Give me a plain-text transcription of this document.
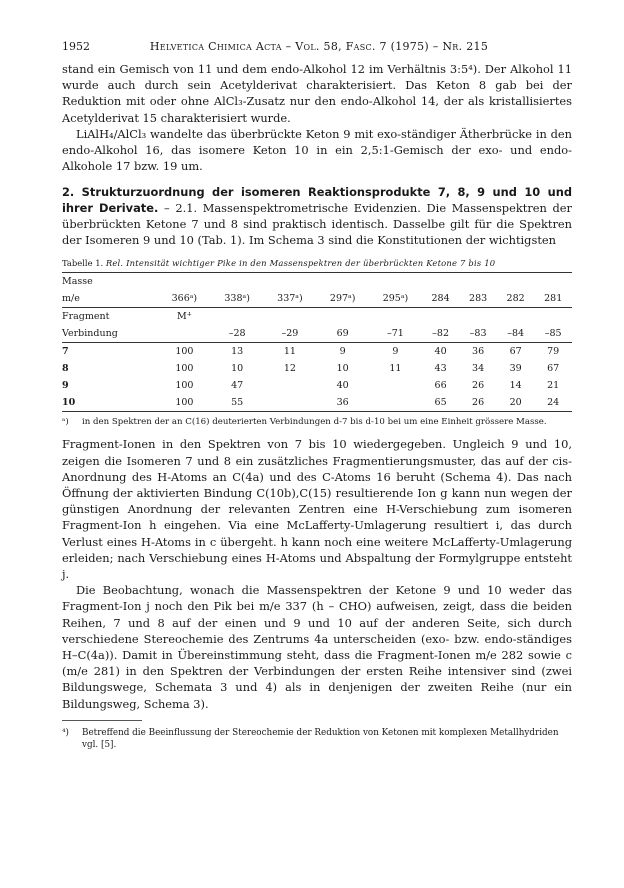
1952	Helvetica Chimica Acta – Vol. 58, Fasc. 7 (1975) – Nr. 215

stand ein Gemisch von 11 und dem endo-Alkohol 12 im Verhältnis 3:5⁴). Der Alkohol 11 wurde auch durch sein Acetylderivat charakterisiert. Das Keton 8 gab bei der Reduktion mit oder ohne AlCl₃-Zusatz nur den endo-Alkohol 14, der als kristallisiertes Acetylderivat 15 charakterisiert wurde.

LiAlH₄/AlCl₃ wandelte das überbrückte Keton 9 mit exo-ständiger Ätherbrücke in den endo-Alkohol 16, das isomere Keton 10 in ein 2,5:1-Gemisch der exo- und endo-Alkohole 17 bzw. 19 um.

2. Strukturzuordnung der isomeren Reaktionsprodukte 7, 8, 9 und 10 und ihrer Derivate. – 2.1. Massenspektrometrische Evidenzien. Die Massenspektren der überbrückten Ketone 7 und 8 sind praktisch identisch. Dasselbe gilt für die Spektren der Isomeren 9 und 10 (Tab. 1). Im Schema 3 sind die Konstitutionen der wichtigsten
Tabelle 1. Rel. Intensität wichtiger Pike in den Massenspektren der überbrückten Ketone 7 bis 10
Masse									
m/e	366ᵃ)	338ᵃ)	337ᵃ)	297ᵃ)	295ᵃ)	284	283	282	281
Fragment	M⁺̇								
Verbindung		–28	–29	69	–71	–82	–83	–84	–85
7	100	13	11	9	9	40	36	67	79
8	100	10	12	10	11	43	34	39	67
9	100	47		40		66	26	14	21
10	100	55		36		65	26	20	24
ᵃ)	in den Spektren der an C(16) deuterierten Verbindungen d-7 bis d-10 bei um eine Einheit grössere Masse.

Fragment-Ionen in den Spektren von 7 bis 10 wiedergegeben. Ungleich 9 und 10, zeigen die Isomeren 7 und 8 ein zusätzliches Fragmentierungsmuster, das auf der cis-Anordnung des H-Atoms an C(4a) und des C-Atoms 16 beruht (Schema 4). Das nach Öffnung der aktivierten Bindung C(10b),C(15) resultierende Ion g kann nun wegen der günstigen Anordnung der relevanten Zentren eine H-Verschiebung zum isomeren Fragment-Ion h eingehen. Via eine McLafferty-Umlagerung resultiert i, das durch Verlust eines H-Atoms in c übergeht. h kann noch eine weitere McLafferty-Umlagerung erleiden; nach Verschiebung eines H-Atoms und Abspaltung der Formylgruppe entsteht j.

Die Beobachtung, wonach die Massenspektren der Ketone 9 und 10 weder das Fragment-Ion j noch den Pik bei m/e 337 (h – CHO) aufweisen, zeigt, dass die beiden Reihen, 7 und 8 auf der einen und 9 und 10 auf der anderen Seite, sich durch verschiedene Stereochemie des Zentrums 4a unterscheiden (exo- bzw. endo-ständiges H–C(4a)). Damit in Übereinstimmung steht, dass die Fragment-Ionen m/e 282 sowie c (m/e 281) in den Spektren der Verbindungen der ersten Reihe intensiver sind (zwei Bildungswege, Schemata 3 und 4) als in denjenigen der zweiten Reihe (nur ein Bildungsweg, Schema 3).

⁴)	Betreffend die Beeinflussung der Stereochemie der Reduktion von Ketonen mit komplexen Metallhydriden vgl. [5].
